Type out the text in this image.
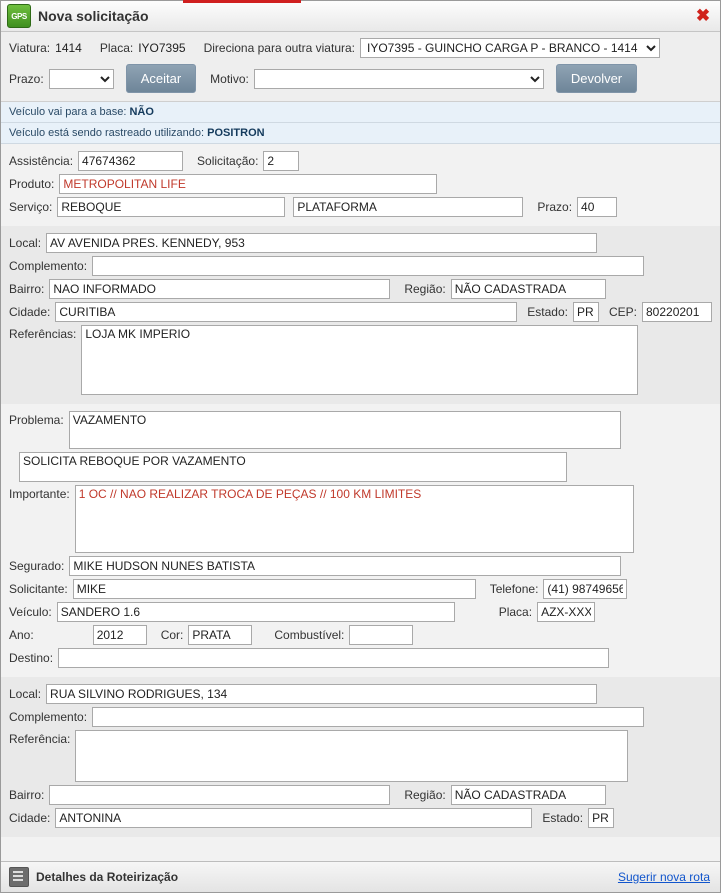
GPS Nova solicitação	✖
Viatura: 1414 Placa: IYO7395 Direciona para outra viatura:
IYO7395 - GUINCHO CARGA P - BRANCO - 1414 - CAMI
Prazo:	Aceitar	Motivo:	Devolver
Veículo vai para a base: NÃO
Veículo está sendo rastreado utilizando: POSITRON
Assistência:
47674362	Solicitação:
2
Produto:
METROPOLITAN LIFE
Serviço:
REBOQUE
PLATAFORMA	Prazo:
40
Local:
AV AVENIDA PRES. KENNEDY, 953
Complemento:
Bairro:
NAO INFORMADO	Região:
NÃO CADASTRADA
Cidade:
CURITIBA	Estado:
PR	CEP:
80220201
Referências:
LOJA MK IMPERIO
Problema:
VAZAMENTO
SOLICITA REBOQUE POR VAZAMENTO
Importante:
1 OC // NAO REALIZAR TROCA DE PEÇAS // 100 KM LIMITES
Segurado:
MIKE HUDSON NUNES BATISTA
Solicitante:
MIKE	Telefone:
(41) 987496566
Veículo:
SANDERO 1.6	Placa:
AZX-XXXX
Ano:
2012	Cor:
PRATA	Combustível:
Destino:
Local:
RUA SILVINO RODRIGUES, 134
Complemento:
Referência:
Bairro:	Região:
NÃO CADASTRADA
Cidade:
ANTONINA	Estado:
PR
Detalhes da Roteirização	Sugerir nova rota
